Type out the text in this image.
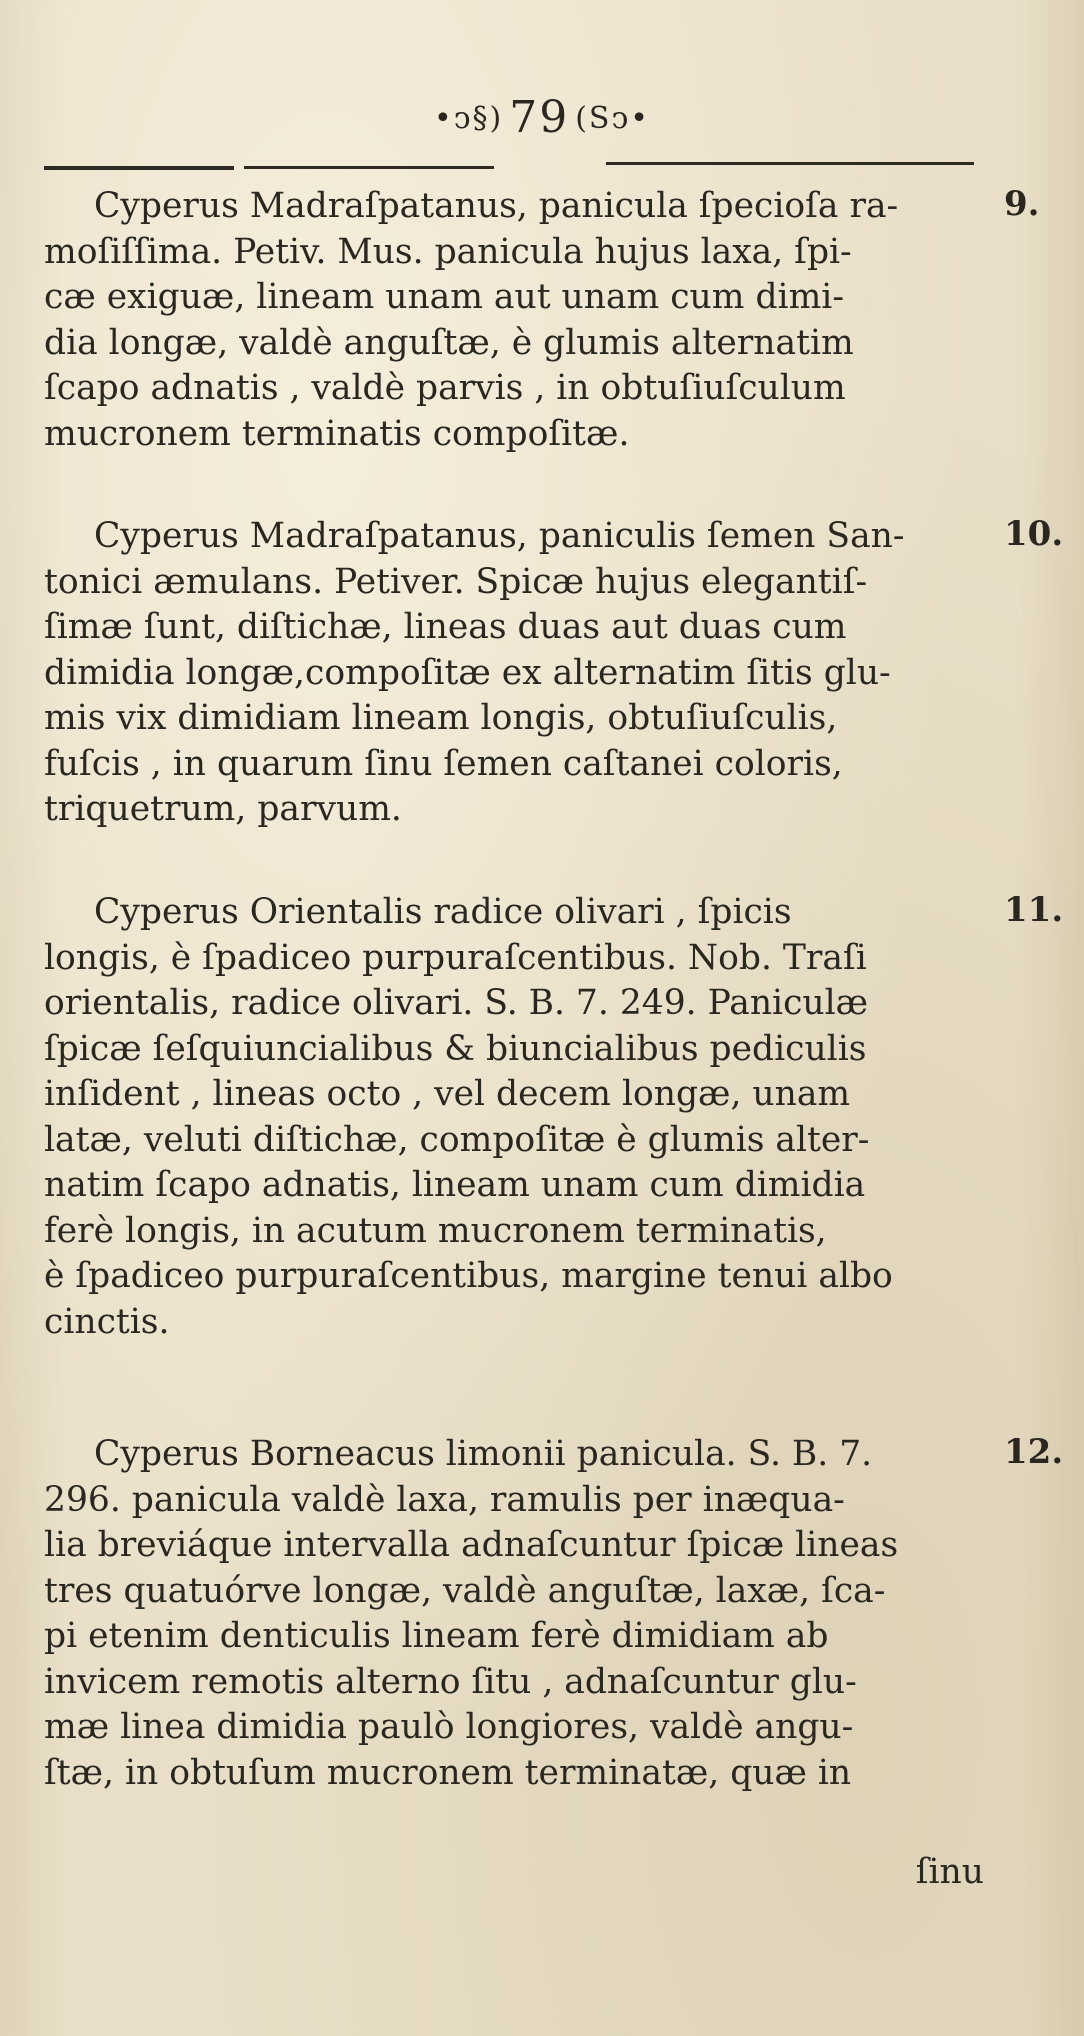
•ↄ§) 79 (Sↄ•
Cyperus Madraſpatanus, panicula ſpecioſa ra-
moſiſſima. Petiv. Mus. panicula hujus laxa, ſpi-
cæ exiguæ, lineam unam aut unam cum dimi-
dia longæ, valdè anguſtæ, è glumis alternatim
ſcapo adnatis , valdè parvis , in obtuſiuſculum
mucronem terminatis compoſitæ.
9.
Cyperus Madraſpatanus, paniculis ſemen San-
tonici æmulans. Petiver. Spicæ hujus elegantiſ-
ſimæ ſunt, diſtichæ, lineas duas aut duas cum
dimidia longæ,compoſitæ ex alternatim ſitis glu-
mis vix dimidiam lineam longis, obtuſiuſculis,
fuſcis , in quarum ſinu ſemen caſtanei coloris,
triquetrum, parvum.
10.
Cyperus Orientalis radice olivari , ſpicis
longis, è ſpadiceo purpuraſcentibus. Nob. Traſi
orientalis, radice olivari. S. B. 7. 249. Paniculæ
ſpicæ ſeſquiuncialibus & biuncialibus pediculis
inſident , lineas octo , vel decem longæ, unam
latæ, veluti diſtichæ, compoſitæ è glumis alter-
natim ſcapo adnatis, lineam unam cum dimidia
ferè longis, in acutum mucronem terminatis,
è ſpadiceo purpuraſcentibus, margine tenui albo
cinctis.
11.
Cyperus Borneacus limonii panicula. S. B. 7.
296. panicula valdè laxa, ramulis per inæqua-
lia breviáque intervalla adnaſcuntur ſpicæ lineas
tres quatuórve longæ, valdè anguſtæ, laxæ, ſca-
pi etenim denticulis lineam ferè dimidiam ab
invicem remotis alterno ſitu , adnaſcuntur glu-
mæ linea dimidia paulò longiores, valdè angu-
ſtæ, in obtuſum mucronem terminatæ, quæ in
12.
ſinu
